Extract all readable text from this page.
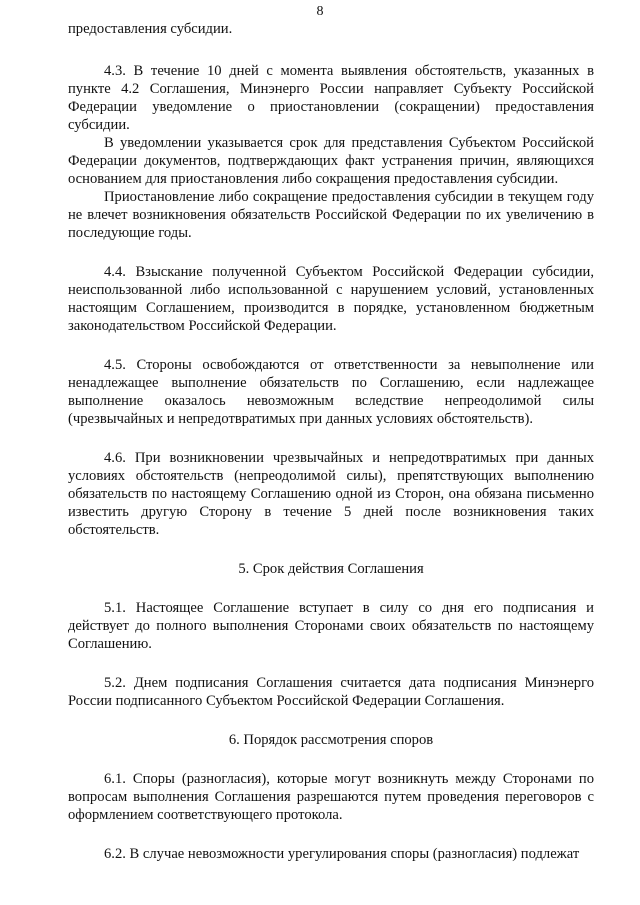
8

предоставления субсидии.

4.3. В течение 10 дней с момента выявления обстоятельств, указанных в пункте 4.2 Соглашения, Минэнерго России направляет Субъекту Российской Федерации уведомление о приостановлении (сокращении) предоставления субсидии.

В уведомлении указывается срок для представления Субъектом Российской Федерации документов, подтверждающих факт устранения причин, являющихся основанием для приостановления либо сокращения предоставления субсидии.

Приостановление либо сокращение предоставления субсидии в текущем году не влечет возникновения обязательств Российской Федерации по их увеличению в последующие годы.

4.4. Взыскание полученной Субъектом Российской Федерации субсидии, неиспользованной либо использованной с нарушением условий, установленных настоящим Соглашением, производится в порядке, установленном бюджетным законодательством Российской Федерации.

4.5. Стороны освобождаются от ответственности за невыполнение или ненадлежащее выполнение обязательств по Соглашению, если надлежащее выполнение оказалось невозможным вследствие непреодолимой силы (чрезвычайных и непредотвратимых при данных условиях обстоятельств).

4.6. При возникновении чрезвычайных и непредотвратимых при данных условиях обстоятельств (непреодолимой силы), препятствующих выполнению обязательств по настоящему Соглашению одной из Сторон, она обязана письменно известить другую Сторону в течение 5 дней после возникновения таких обстоятельств.

5. Срок действия Соглашения

5.1. Настоящее Соглашение вступает в силу со дня его подписания и действует до полного выполнения Сторонами своих обязательств по настоящему Соглашению.

5.2. Днем подписания Соглашения считается дата подписания Минэнерго России подписанного Субъектом Российской Федерации Соглашения.

6. Порядок рассмотрения споров

6.1. Споры (разногласия), которые могут возникнуть между Сторонами по вопросам выполнения Соглашения разрешаются путем проведения переговоров с оформлением соответствующего протокола.

6.2. В случае невозможности урегулирования споры (разногласия) подлежат
